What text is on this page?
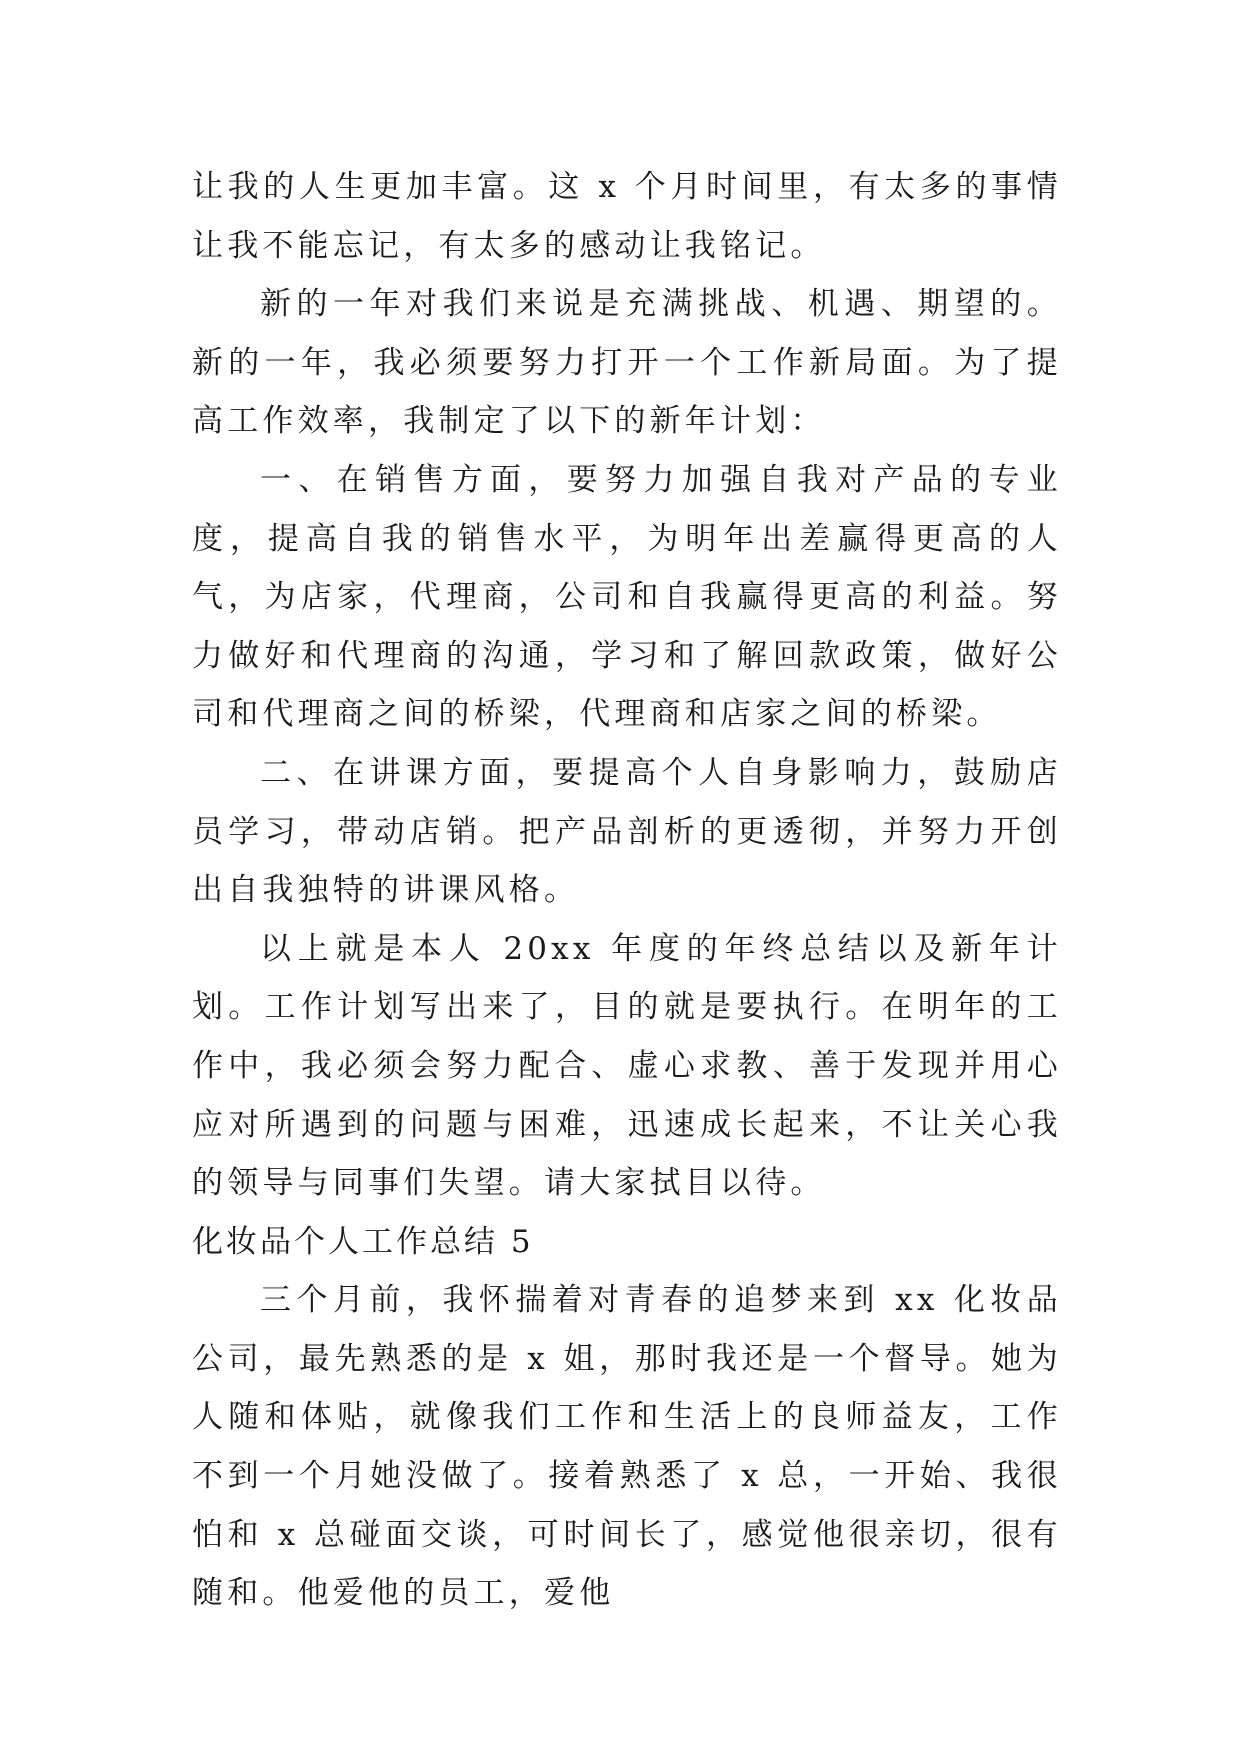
让我的人生更加丰富。这 x 个月时间里，有太多的事情让我不能忘记，有太多的感动让我铭记。

新的一年对我们来说是充满挑战、机遇、期望的。新的一年，我必须要努力打开一个工作新局面。为了提高工作效率，我制定了以下的新年计划：

一、在销售方面，要努力加强自我对产品的专业度，提高自我的销售水平，为明年出差赢得更高的人气，为店家，代理商，公司和自我赢得更高的利益。努力做好和代理商的沟通，学习和了解回款政策，做好公司和代理商之间的桥梁，代理商和店家之间的桥梁。

二、在讲课方面，要提高个人自身影响力，鼓励店员学习，带动店销。把产品剖析的更透彻，并努力开创出自我独特的讲课风格。

以上就是本人 20xx 年度的年终总结以及新年计划。工作计划写出来了，目的就是要执行。在明年的工作中，我必须会努力配合、虚心求教、善于发现并用心应对所遇到的问题与困难，迅速成长起来，不让关心我的领导与同事们失望。请大家拭目以待。

化妆品个人工作总结 5

三个月前，我怀揣着对青春的追梦来到 xx 化妆品公司，最先熟悉的是 x 姐，那时我还是一个督导。她为人随和体贴，就像我们工作和生活上的良师益友，工作不到一个月她没做了。接着熟悉了 x 总，一开始、我很怕和 x 总碰面交谈，可时间长了，感觉他很亲切，很有随和。他爱他的员工，爱他
